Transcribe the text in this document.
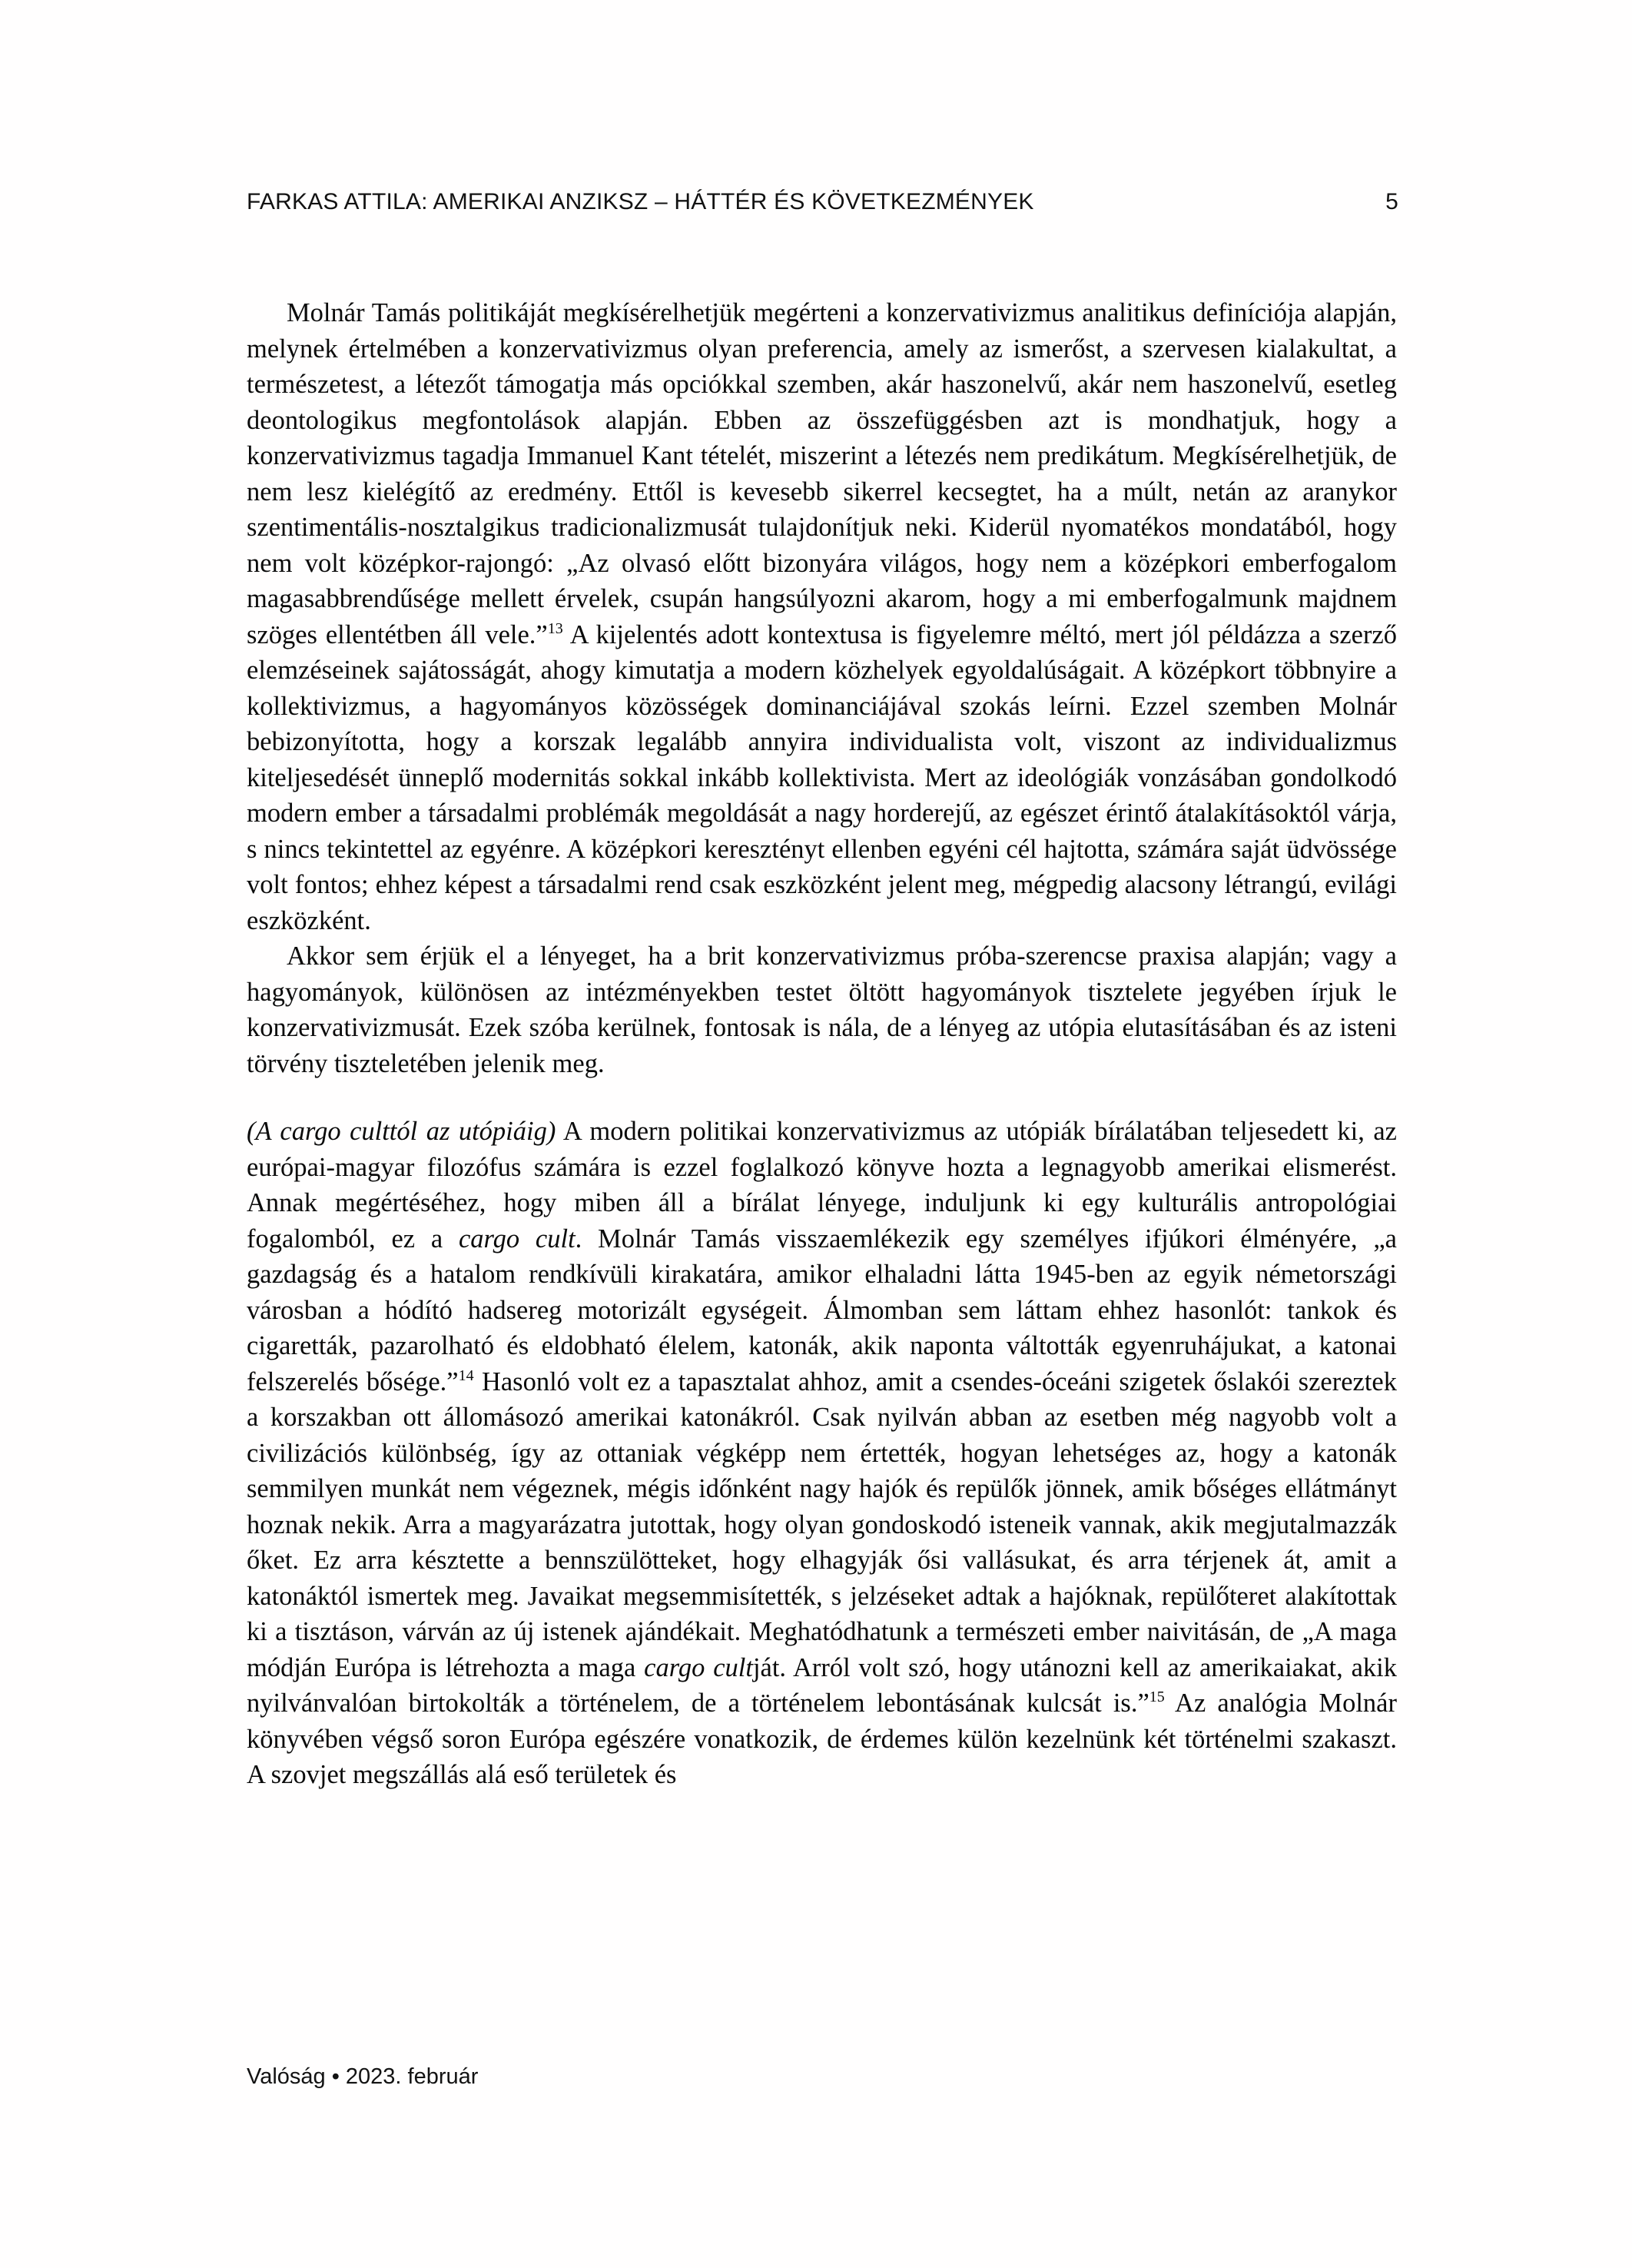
FARKAS ATTILA: AMERIKAI ANZIKSZ – HÁTTÉR ÉS KÖVETKEZMÉNYEK	5

Molnár Tamás politikáját megkísérelhetjük megérteni a konzervativizmus analitikus definíciója alapján, melynek értelmében a konzervativizmus olyan preferencia, amely az ismerőst, a szervesen kialakultat, a természetest, a létezőt támogatja más opciókkal szemben, akár haszonelvű, akár nem haszonelvű, esetleg deontologikus megfontolások alapján. Ebben az összefüggésben azt is mondhatjuk, hogy a konzervativizmus tagadja Immanuel Kant tételét, miszerint a létezés nem predikátum. Megkísérelhetjük, de nem lesz kielégítő az eredmény. Ettől is kevesebb sikerrel kecsegtet, ha a múlt, netán az aranykor szentimentális-nosztalgikus tradicionalizmusát tulajdonítjuk neki. Kiderül nyomatékos mondatából, hogy nem volt középkor-rajongó: „Az olvasó előtt bizonyára világos, hogy nem a középkori emberfogalom magasabbrendűsége mellett érvelek, csupán hangsúlyozni akarom, hogy a mi emberfogalmunk majdnem szöges ellentétben áll vele.”$^{13}$ A kijelentés adott kontextusa is figyelemre méltó, mert jól példázza a szerző elemzéseinek sajátosságát, ahogy kimutatja a modern közhelyek egyoldalúságait. A középkort többnyire a kollektivizmus, a hagyományos közösségek dominanciájával szokás leírni. Ezzel szemben Molnár bebizonyította, hogy a korszak legalább annyira individualista volt, viszont az individualizmus kiteljesedését ünneplő modernitás sokkal inkább kollektivista. Mert az ideológiák vonzásában gondolkodó modern ember a társadalmi problémák megoldását a nagy horderejű, az egészet érintő átalakításoktól várja, s nincs tekintettel az egyénre. A középkori keresztényt ellenben egyéni cél hajtotta, számára saját üdvössége volt fontos; ehhez képest a társadalmi rend csak eszközként jelent meg, mégpedig alacsony létrangú, evilági eszközként.

Akkor sem érjük el a lényeget, ha a brit konzervativizmus próba-szerencse praxisa alapján; vagy a hagyományok, különösen az intézményekben testet öltött hagyományok tisztelete jegyében írjuk le konzervativizmusát. Ezek szóba kerülnek, fontosak is nála, de a lényeg az utópia elutasításában és az isteni törvény tiszteletében jelenik meg.

(A cargo culttól az utópiáig) A modern politikai konzervativizmus az utópiák bírálatában teljesedett ki, az európai-magyar filozófus számára is ezzel foglalkozó könyve hozta a legnagyobb amerikai elismerést. Annak megértéséhez, hogy miben áll a bírálat lényege, induljunk ki egy kulturális antropológiai fogalomból, ez a cargo cult. Molnár Tamás visszaemlékezik egy személyes ifjúkori élményére, „a gazdagság és a hatalom rendkívüli kirakatára, amikor elhaladni látta 1945-ben az egyik németországi városban a hódító hadsereg motorizált egységeit. Álmomban sem láttam ehhez hasonlót: tankok és cigaretták, pazarolható és eldobható élelem, katonák, akik naponta váltották egyenruhájukat, a katonai felszerelés bősége.”$^{14}$ Hasonló volt ez a tapasztalat ahhoz, amit a csendes-óceáni szigetek őslakói szereztek a korszakban ott állomásozó amerikai katonákról. Csak nyilván abban az esetben még nagyobb volt a civilizációs különbség, így az ottaniak végképp nem értették, hogyan lehetséges az, hogy a katonák semmilyen munkát nem végeznek, mégis időnként nagy hajók és repülők jönnek, amik bőséges ellátmányt hoznak nekik. Arra a magyarázatra jutottak, hogy olyan gondoskodó isteneik vannak, akik megjutalmazzák őket. Ez arra késztette a bennszülötteket, hogy elhagyják ősi vallásukat, és arra térjenek át, amit a katonáktól ismertek meg. Javaikat megsemmisítették, s jelzéseket adtak a hajóknak, repülőteret alakítottak ki a tisztáson, várván az új istenek ajándékait. Meghatódhatunk a természeti ember naivitásán, de „A maga módján Európa is létrehozta a maga cargo cultját. Arról volt szó, hogy utánozni kell az amerikaiakat, akik nyilvánvalóan birtokolták a történelem, de a történelem lebontásának kulcsát is.”$^{15}$ Az analógia Molnár könyvében végső soron Európa egészére vonatkozik, de érdemes külön kezelnünk két történelmi szakaszt. A szovjet megszállás alá eső területek és

Valóság • 2023. február
